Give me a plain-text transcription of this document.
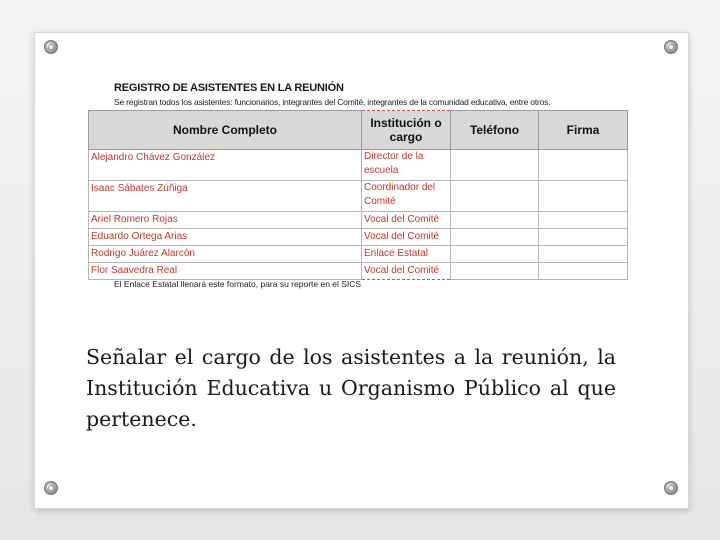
REGISTRO DE ASISTENTES EN LA REUNIÓN
Se registran todos los asistentes: funcionarios, integrantes del Comité, integrantes de la comunidad educativa, entre otros.
Nombre Completo	Institución o cargo	Teléfono	Firma
Alejandro Chávez González	Director de la escuela		
Isaac Sábates Zúñiga	Coordinador del Comité		
Ariel Romero Rojas	Vocal del Comité		
Eduardo Ortega Arias	Vocal del Comité		
Rodrigo Juárez Alarcón	Enlace Estatal		
Flor Saavedra Real	Vocal del Comité		
El Enlace Estatal llenará este formato, para su reporte en el SICS
Señalar el cargo de los asistentes a la reunión, la Institución Educativa u Organismo Público al que pertenece.
